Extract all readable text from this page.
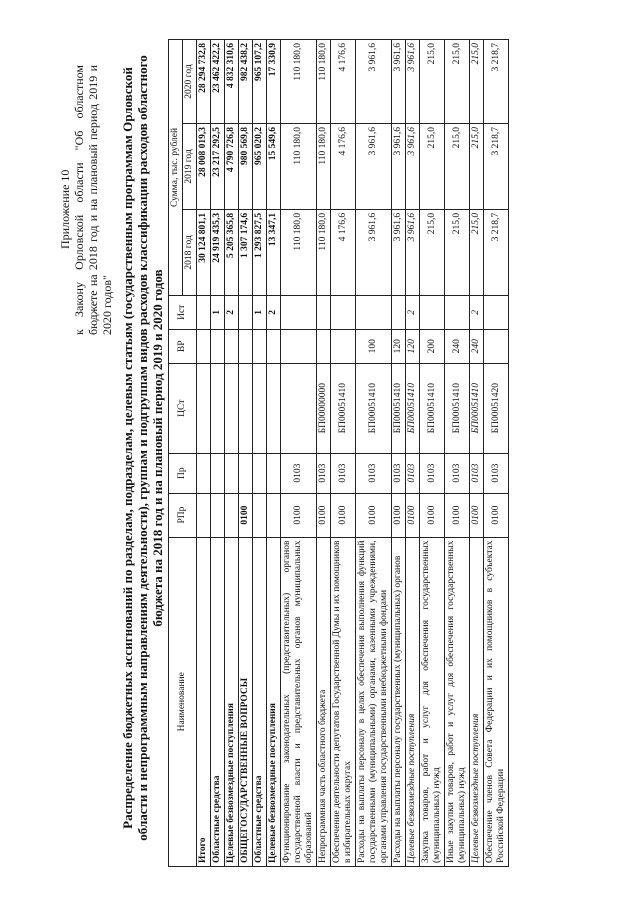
Приложение 10 к Закону Орловской области "Об областном бюджете на 2018 год и на плановый период 2019 и 2020 годов" Распределение бюджетных ассигнований по разделам, подразделам, целевым статьям (государственным программам Орловской области и непрограммным направлениям деятельности), группам и подгруппам видов расходов классификации расходов областного бюджета на 2018 год и на плановый период 2019 и 2020 годов
Наименование	РПр	Пр	ЦСт	ВР	Ист	Сумма, тыс. рублей		
						2018 год	2019 год	2020 год
Итого						30 124 801,1	28 008 019,3	28 294 732,8
Областные средства					1	24 919 435,3	23 217 292,5	23 462 422,2
Целевые безвозмездные поступления					2	5 205 365,8	4 790 726,8	4 832 310,6
ОБЩЕГОСУДАРСТВЕННЫЕ ВОПРОСЫ	0100					1 307 174,6	980 569,8	982 438,2
Областные средства					1	1 293 827,5	965 020,2	965 107,2
Целевые безвозмездные поступления					2	13 347,1	15 549,6	17 330,9
Функционирование законодательных (представительных) органов государственной власти и представительных органов муниципальных образований	0100	0103				110 180,0	110 180,0	110 180,0
Непрограммная часть областного бюджета	0100	0103	БП00000000			110 180,0	110 180,0	110 180,0
Обеспечение деятельности депутатов Государственной Думы и их помощников в избирательных округах	0100	0103	БП00051410			4 176,6	4 176,6	4 176,6
Расходы на выплаты персоналу в целях обеспечения выполнения функций государственными (муниципальными) органами, казенными учреждениями, органами управления государственными внебюджетными фондами	0100	0103	БП00051410	100		3 961,6	3 961,6	3 961,6
Расходы на выплаты персоналу государственных (муниципальных) органов	0100	0103	БП00051410	120		3 961,6	3 961,6	3 961,6
Целевые безвозмездные поступления	0100	0103	БП00051410	120	2	3 961,6	3 961,6	3 961,6
Закупка товаров, работ и услуг для обеспечения государственных (муниципальных) нужд	0100	0103	БП00051410	200		215,0	215,0	215,0
Иные закупки товаров, работ и услуг для обеспечения государственных (муниципальных) нужд	0100	0103	БП00051410	240		215,0	215,0	215,0
Целевые безвозмездные поступления	0100	0103	БП00051410	240	2	215,0	215,0	215,0
Обеспечение членов Совета Федерации и их помощников в субъектах Российской Федерации	0100	0103	БП00051420			3 218,7	3 218,7	3 218,7
